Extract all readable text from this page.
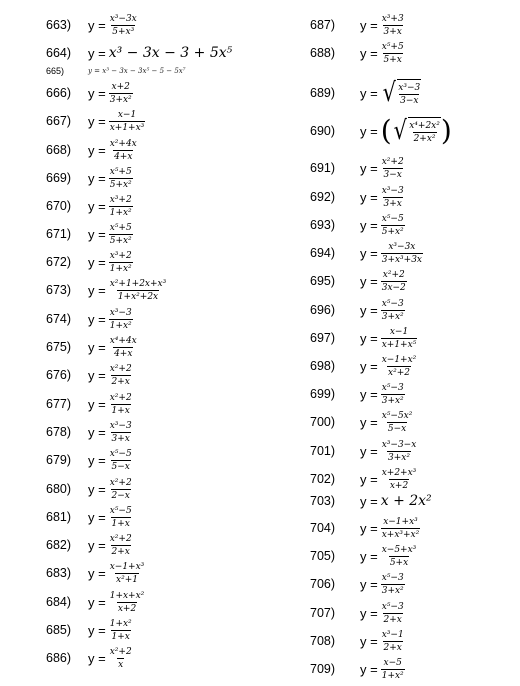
663)	$y = \frac{\text{x³−3x}}{\text{5+x³}}$
664)	y = x³ − 3x − 3 + 5x⁵
665)	y = x³ − 3x − 3x⁵ − 5 − 5x⁷
666)	$y = \frac{x+2}{\text{3+x²}}$
667)	$y = \frac{x-1}{\text{x+1+x³}}$
668)	$y = \frac{\text{x²+4x}}{4+x}$
669)	$y = \frac{\text{x⁵+5}}{\text{5+x²}}$
670)	$y = \frac{\text{x³+2}}{\text{1+x²}}$
671)	$y = \frac{\text{x⁵+5}}{\text{5+x²}}$
672)	$y = \frac{\text{x³+2}}{\text{1+x²}}$
673)	$y = \frac{\text{x²+1+2x+x³}}{\text{1+x²+2x}}$
674)	$y = \frac{\text{x³−3}}{\text{1+x²}}$
675)	$y = \frac{\text{x⁴+4x}}{4+x}$
676)	$y = \frac{\text{x²+2}}{2+x}$
677)	$y = \frac{\text{x²+2}}{1+x}$
678)	$y = \frac{\text{x³−3}}{3+x}$
679)	$y = \frac{\text{x⁵−5}}{5-x}$
680)	$y = \frac{\text{x²+2}}{2-x}$
681)	$y = \frac{\text{x⁵−5}}{1+x}$
682)	$y = \frac{\text{x²+2}}{2+x}$
683)	$y = \frac{\text{x−1+x³}}{\text{x²+1}}$
684)	$y = \frac{\text{1+x+x²}}{x+2}$
685)	$y = \frac{\text{1+x²}}{1+x}$
686)	$y = \frac{\text{x²+2}}{x}$
687)	$y = \frac{\text{x³+3}}{3+x}$
688)	$y = \frac{\text{x⁵+5}}{5+x}$
689)	y = √ $\frac{\text{x³−3}}{3-x}$
690)	y = ( √ $\frac{\text{x⁴+2x²}}{\text{2+x²}}$ )
691)	$y = \frac{\text{x²+2}}{3-x}$
692)	$y = \frac{\text{x³−3}}{3+x}$
693)	$y = \frac{\text{x⁵−5}}{\text{5+x²}}$
694)	$y = \frac{\text{x³−3x}}{\text{3+x³+3x}}$
695)	$y = \frac{\text{x²+2}}{3x-2}$
696)	$y = \frac{\text{x⁵−3}}{\text{3+x²}}$
697)	$y = \frac{x-1}{\text{x+1+x⁵}}$
698)	$y = \frac{\text{x−1+x²}}{\text{x²+2}}$
699)	$y = \frac{\text{x⁵−3}}{\text{3+x²}}$
700)	$y = \frac{\text{x⁵−5x²}}{5-x}$
701)	$y = \frac{\text{x³−3−x}}{\text{3+x²}}$
702)	$y = \frac{\text{x+2+x³}}{x+2}$
703)	y = x + 2x²
704)	$y = \frac{\text{x−1+x³}}{\text{x+x³+x²}}$
705)	$y = \frac{\text{x−5+x³}}{5+x}$
706)	$y = \frac{\text{x⁵−3}}{\text{3+x²}}$
707)	$y = \frac{\text{x⁵−3}}{2+x}$
708)	$y = \frac{\text{x³−1}}{2+x}$
709)	$y = \frac{x-5}{\text{1+x²}}$
